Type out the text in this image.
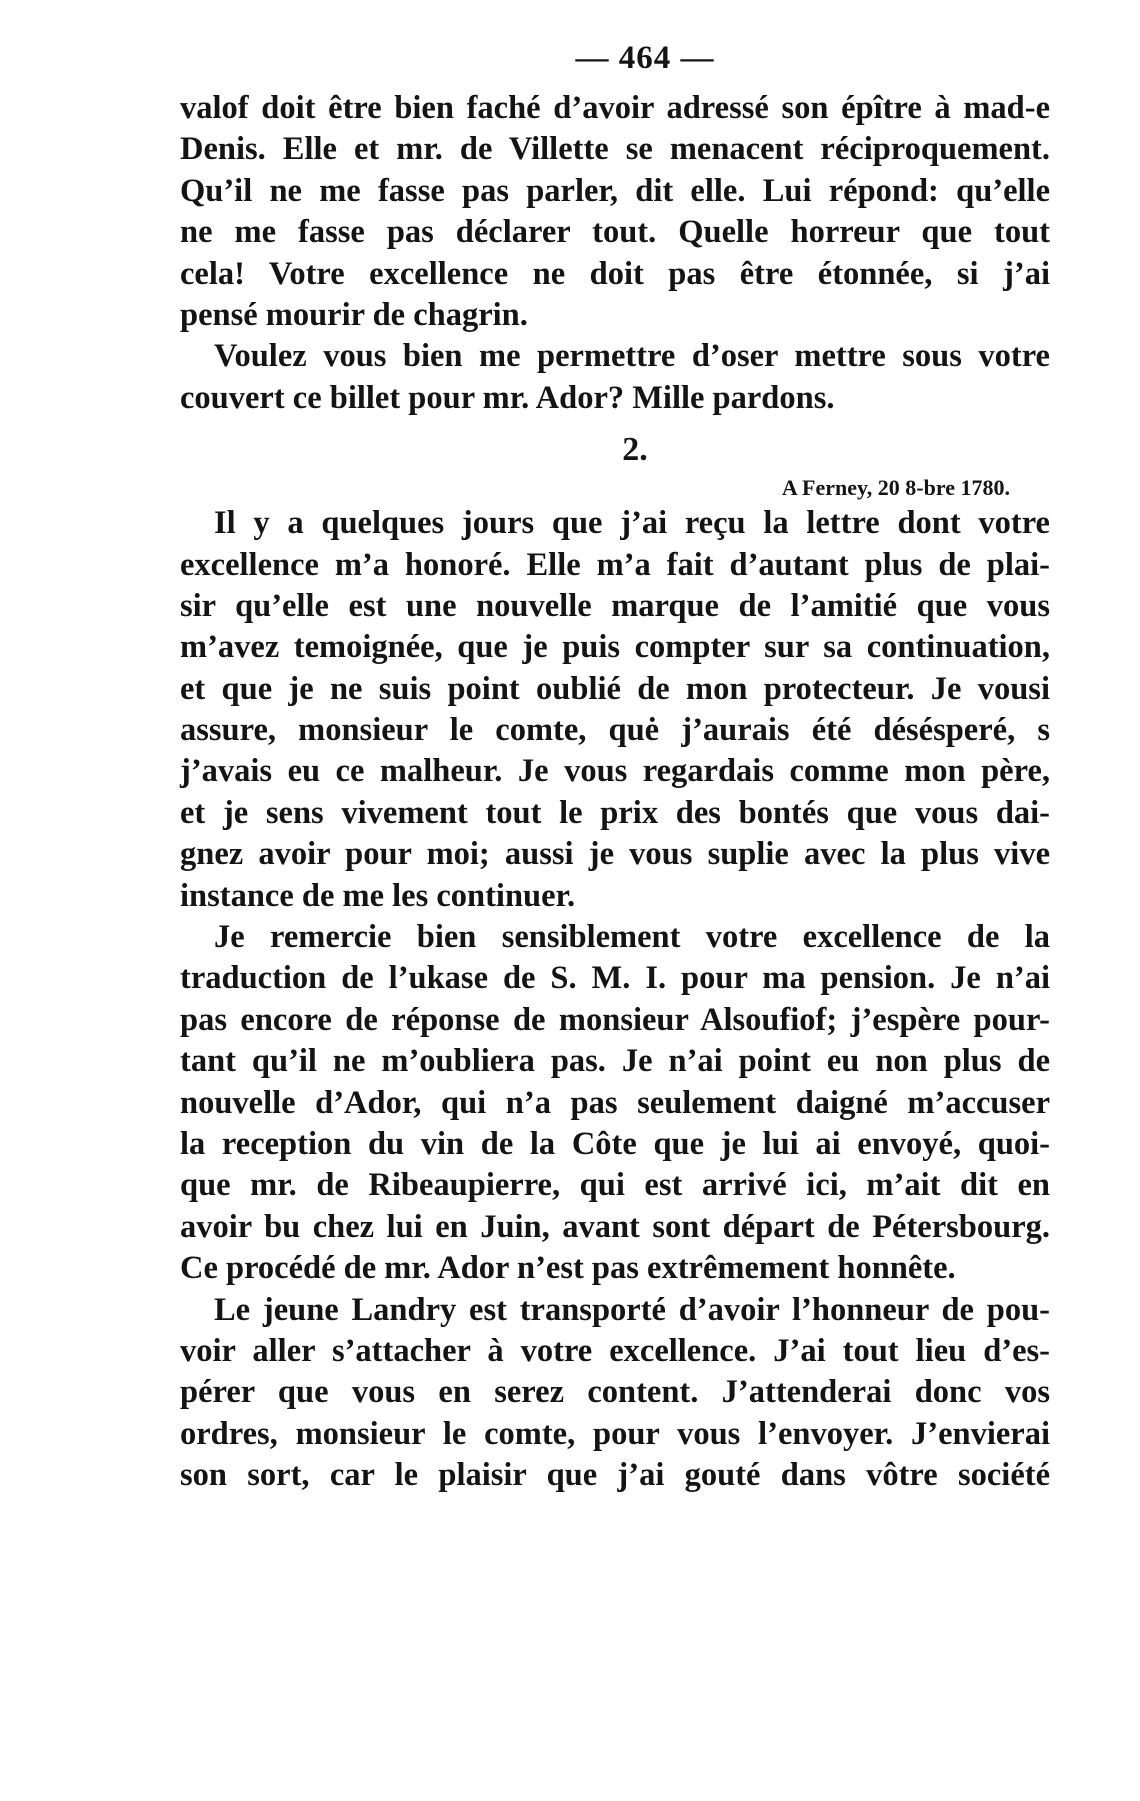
— 464 —
valof doit être bien faché d’avoir adressé son épître à mad-e
Denis. Elle et mr. de Villette se menacent réciproquement.
Qu’il ne me fasse pas parler, dit elle. Lui répond: qu’elle
ne me fasse pas déclarer tout. Quelle horreur que tout
cela! Votre excellence ne doit pas être étonnée, si j’ai
pensé mourir de chagrin.
Voulez vous bien me permettre d’oser mettre sous votre
couvert ce billet pour mr. Ador? Mille pardons.
2.
A Ferney, 20 8-bre 1780.
Il y a quelques jours que j’ai reçu la lettre dont votre
excellence m’a honoré. Elle m’a fait d’autant plus de plai-
sir qu’elle est une nouvelle marque de l’amitié que vous
m’avez temoignée, que je puis compter sur sa continuation,
et que je ne suis point oublié de mon protecteur. Je vousi
assure, monsieur le comte, quė j’aurais été désésperé, s
j’avais eu ce malheur. Je vous regardais comme mon père,
et je sens vivement tout le prix des bontés que vous dai-
gnez avoir pour moi; aussi je vous suplie avec la plus vive
instance de me les continuer.
Je remercie bien sensiblement votre excellence de la
traduction de l’ukase de S. M. I. pour ma pension. Je n’ai
pas encore de réponse de monsieur Alsoufiof; j’espère pour-
tant qu’il ne m’oubliera pas. Je n’ai point eu non plus de
nouvelle d’Ador, qui n’a pas seulement daigné m’accuser
la reception du vin de la Côte que je lui ai envoyé, quoi-
que mr. de Ribeaupierre, qui est arrivé ici, m’ait dit en
avoir bu chez lui en Juin, avant sont départ de Pétersbourg.
Ce procédé de mr. Ador n’est pas extrêmement honnête.
Le jeune Landry est transporté d’avoir l’honneur de pou-
voir aller s’attacher à votre excellence. J’ai tout lieu d’es-
pérer que vous en serez content. J’attenderai donc vos
ordres, monsieur le comte, pour vous l’envoyer. J’envierai
son sort, car le plaisir que j’ai gouté dans vôtre société
